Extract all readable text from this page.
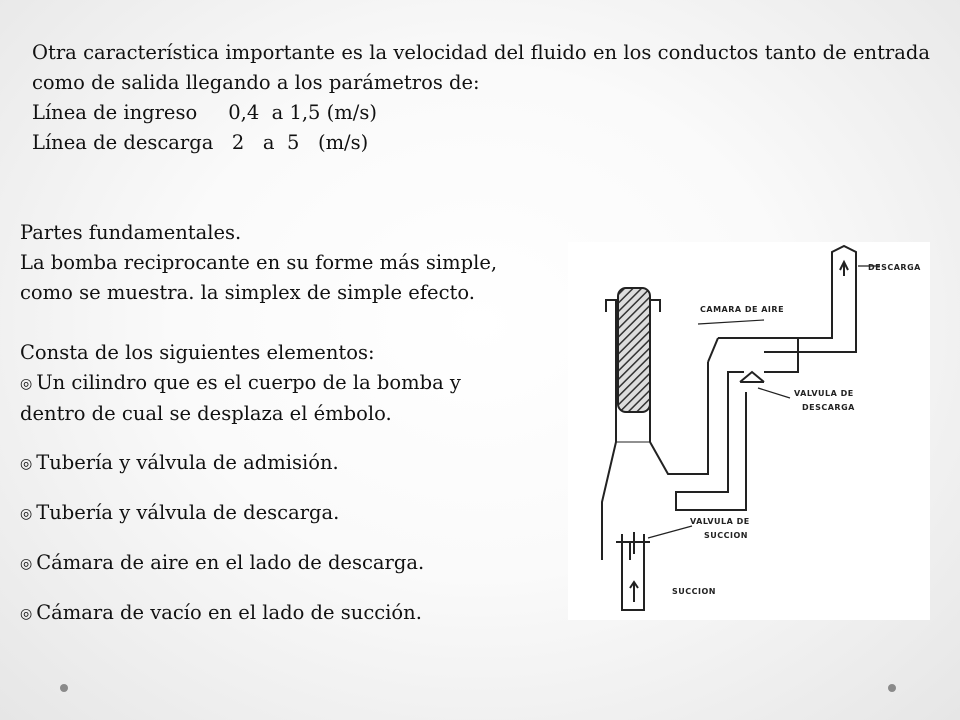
Otra característica importante es la velocidad del fluido en los conductos tanto de entrada como de salida llegando a los parámetros de:
Línea de ingreso     0,4  a 1,5 (m/s)
Línea de descarga   2   a  5   (m/s)
Partes fundamentales.
La bomba reciprocante en su forme más simple,
como se muestra. la simplex de simple efecto.
Consta de los siguientes elementos:
◎ Un cilindro que es el cuerpo de la bomba y
dentro de cual se desplaza el émbolo.
◎ Tubería y válvula de admisión.
◎ Tubería y válvula de descarga.
◎ Cámara de aire en el lado de descarga.
◎ Cámara de vacío en el lado de succión.
DESCARGA
CAMARA DE AIRE
VALVULA DE
DESCARGA
VALVULA DE
SUCCION
SUCCION
